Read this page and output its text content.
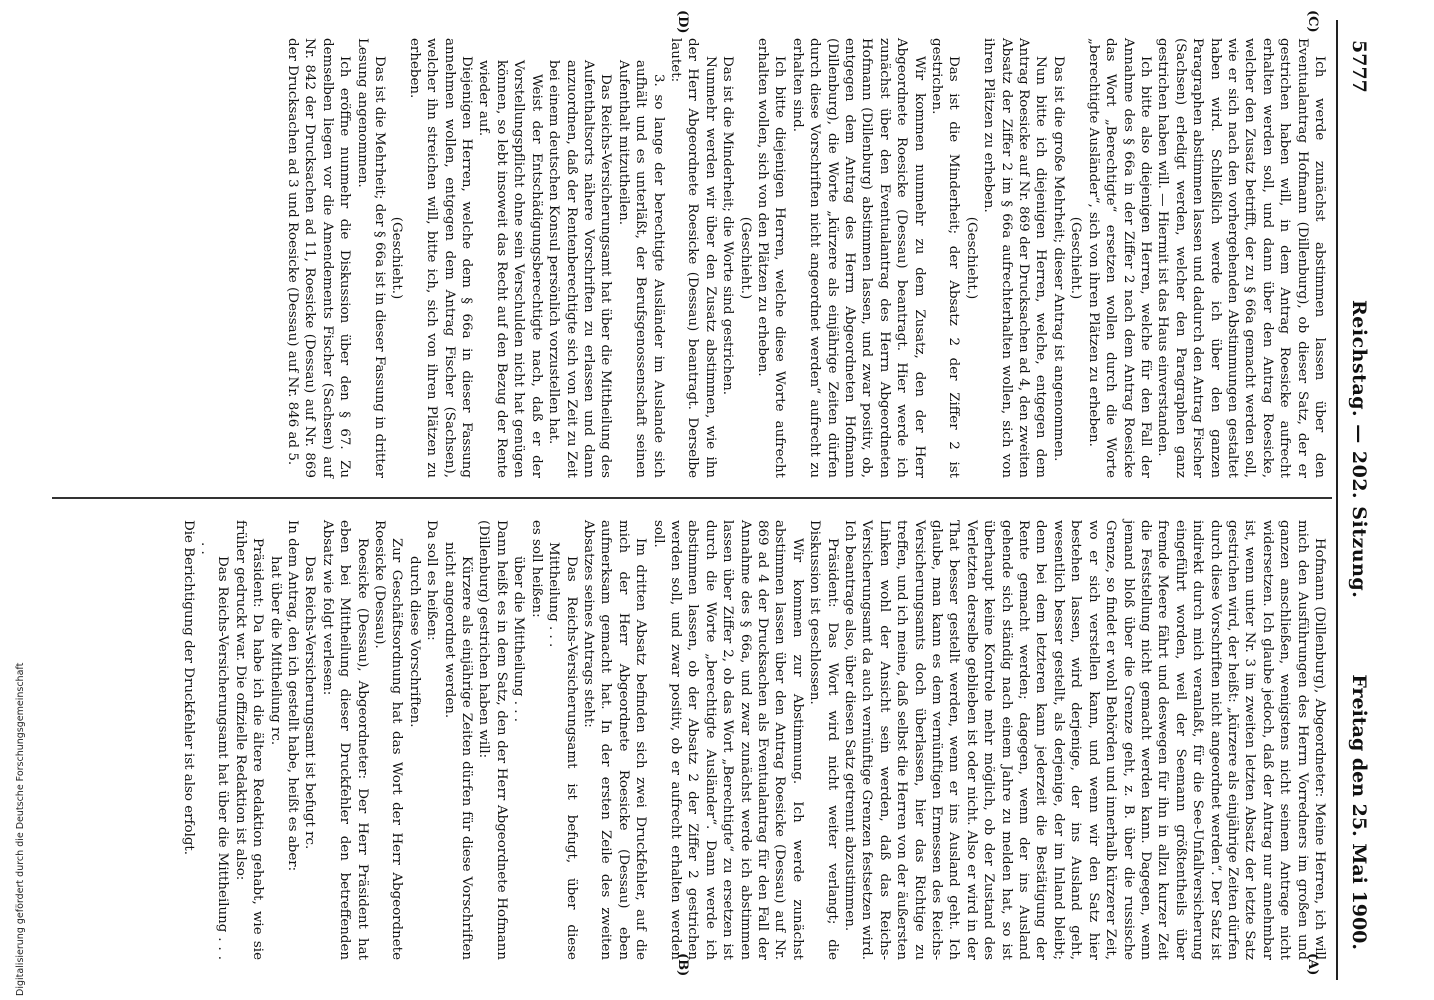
5777
Reichstag. — 202. Sitzung.
Freitag den 25. Mai 1900.
(C)
(D)
(A)
(B)

Ich werde zunächst abstimmen lassen über den Eventualantrag Hofmann (Dillenburg), ob dieser Satz, der er gestrichen haben will, in dem Antrag Roesicke aufrecht erhalten werden soll, und dann über den Antrag Roesicke, welcher den Zusatz betrifft, der zu § 66a gemacht werden soll, wie er sich nach den vorhergehenden Abstimmungen gestaltet haben wird. Schließlich werde ich über den ganzen Paragraphen abstimmen lassen und dadurch den Antrag Fischer (Sachsen) erledigt werden, welcher den Paragraphen ganz gestrichen haben will. — Hiermit ist das Haus einverstanden.

Ich bitte also diejenigen Herren, welche für den Fall der Annahme des § 66a in der Ziffer 2 nach dem Antrag Roesicke das Wort „Berechtigte“ ersetzen wollen durch die Worte „berechtigte Ausländer“, sich von ihren Plätzen zu erheben.

(Geschieht.)

Das ist die große Mehrheit; dieser Antrag ist angenommen.

Nun bitte ich diejenigen Herren, welche, entgegen dem Antrag Roesicke auf Nr. 869 der Drucksachen ad 4, den zweiten Absatz der Ziffer 2 im § 66a aufrechterhalten wollen, sich von ihren Plätzen zu erheben.

(Geschieht.)

Das ist die Minderheit; der Absatz 2 der Ziffer 2 ist gestrichen.

Wir kommen nunmehr zu dem Zusatz, den der Herr Abgeordnete Roesicke (Dessau) beantragt. Hier werde ich zunächst über den Eventualantrag des Herrn Abgeordneten Hofmann (Dillenburg) abstimmen lassen, und zwar positiv, ob, entgegen dem Antrag des Herrn Abgeordneten Hofmann (Dillenburg), die Worte „kürzere als einjährige Zeiten dürfen durch diese Vorschriften nicht angeordnet werden“ aufrecht zu erhalten sind.

Ich bitte diejenigen Herren, welche diese Worte aufrecht erhalten wollen, sich von den Plätzen zu erheben.

(Geschieht.)

Das ist die Minderheit; die Worte sind gestrichen.

Nunmehr werden wir über den Zusatz abstimmen, wie ihn der Herr Abgeordnete Roesicke (Dessau) beantragt. Derselbe lautet:

3. so lange der berechtigte Ausländer im Auslande sich aufhält und es unterläßt, der Berufsgenossenschaft seinen Aufenthalt mitzutheilen.

Das Reichs-Versicherungsamt hat über die Mittheilung des Aufenthaltsorts nähere Vorschriften zu erlassen und dann anzuordnen, daß der Rentenberechtigte sich von Zeit zu Zeit bei einem deutschen Konsul persönlich vorzustellen hat.

Weist der Entschädigungsberechtigte nach, daß er der Vorstellungspflicht ohne sein Verschulden nicht hat genügen können, so lebt insoweit das Recht auf den Bezug der Rente wieder auf.

Diejenigen Herren, welche dem § 66a in dieser Fassung annehmen wollen, entgegen dem Antrag Fischer (Sachsen), welcher ihn streichen will, bitte ich, sich von ihren Plätzen zu erheben.

(Geschieht.)

Das ist die Mehrheit; der § 66a ist in dieser Fassung in dritter Lesung angenommen.

Ich eröffne nunmehr die Diskussion über den § 67. Zu demselben liegen vor die Amendements Fischer (Sachsen) auf Nr. 842 der Drucksachen ad 11, Roesicke (Dessau) auf Nr. 869 der Drucksachen ad 3 und Roesicke (Dessau) auf Nr. 846 ad 5.

Hofmann (Dillenburg), Abgeordneter: Meine Herren, ich will mich den Ausführungen des Herrn Vorredners im großen und ganzen anschließen, wenigstens nicht seinem Antrage nicht widersetzen. Ich glaube jedoch, daß der Antrag nur annehmbar ist, wenn unter Nr. 3 im zweiten letzten Absatz der letzte Satz gestrichen wird, der heißt: „kürzere als einjährige Zeiten dürfen durch diese Vorschriften nicht angeordnet werden“. Der Satz ist indirekt durch mich veranlaßt, für die See-Unfallversicherung eingeführt worden, weil der Seemann größtentheils über fremde Meere fährt und deswegen für ihn in allzu kurzer Zeit die Feststellung nicht gemacht werden kann. Dagegen, wenn jemand bloß über die Grenze geht, z. B. über die russische Grenze, so findet er wohl Behörden und innerhalb kürzerer Zeit, wo er sich verstellen kann, und wenn wir den Satz hier bestehen lassen, wird derjenige, der ins Ausland geht, wesentlich besser gestellt, als derjenige, der im Inland bleibt; denn bei dem letzteren kann jederzeit die Bestätigung der Rente gemacht werden; dagegen, wenn der ins Ausland gehende sich ständig nach einem Jahre zu melden hat, so ist überhaupt keine Kontrole mehr möglich, ob der Zustand des Verletzten derselbe geblieben ist oder nicht. Also er wird in der That besser gestellt werden, wenn er ins Ausland geht. Ich glaube, man kann es dem vernünftigen Ermessen des Reichs-Versicherungsamts doch überlassen, hier das Richtige zu treffen, und ich meine, daß selbst die Herren von der äußersten Linken wohl der Ansicht sein werden, daß das Reichs-Versicherungsamt da auch vernünftige Grenzen festsetzen wird. Ich beantrage also, über diesen Satz getrennt abzustimmen.

Präsident: Das Wort wird nicht weiter verlangt; die Diskussion ist geschlossen.

Wir kommen zur Abstimmung. Ich werde zunächst abstimmen lassen über den Antrag Roesicke (Dessau) auf Nr. 869 ad 4 der Drucksachen als Eventualantrag für den Fall der Annahme des § 66a, und zwar zunächst werde ich abstimmen lassen über Ziffer 2, ob das Wort „Berechtigte“ zu ersetzen ist durch die Worte „berechtigte Ausländer“. Dann werde ich abstimmen lassen, ob der Absatz 2 der Ziffer 2 gestrichen werden soll, und zwar positiv, ob er aufrecht erhalten werden soll.

Im dritten Absatz befinden sich zwei Druckfehler, auf die mich der Herr Abgeordnete Roesicke (Dessau) eben aufmerksam gemacht hat. In der ersten Zeile des zweiten Absatzes seines Antrags steht:

Das Reichs-Versicherungsamt ist befugt, über diese Mittheilung . . .

es soll heißen:

über die Mittheilung . . .

Dann heißt es in dem Satz, den der Herr Abgeordnete Hofmann (Dillenburg) gestrichen haben will:

Kürzere als einjährige Zeiten dürfen für diese Vorschriften nicht angeordnet werden.

Da soll es heißen:

durch diese Vorschriften.

Zur Geschäftsordnung hat das Wort der Herr Abgeordnete Roesicke (Dessau).

Roesicke (Dessau), Abgeordneter: Der Herr Präsident hat eben bei Mittheilung dieser Druckfehler den betreffenden Absatz wie folgt verlesen:

Das Reichs-Versicherungsamt ist befugt rc.

In dem Antrag, den ich gestellt habe, heißt es aber:

hat über die Mittheilung rc.

Präsident: Da habe ich die ältere Redaktion gehabt, wie sie früher gedruckt war. Die offizielle Redaktion ist also:

Das Reichs-Versicherungsamt hat über die Mittheilung . . . . .

Die Berichtigung der Druckfehler ist also erfolgt.

Digitalisierung gefördert durch die Deutsche Forschungsgemeinschaft
